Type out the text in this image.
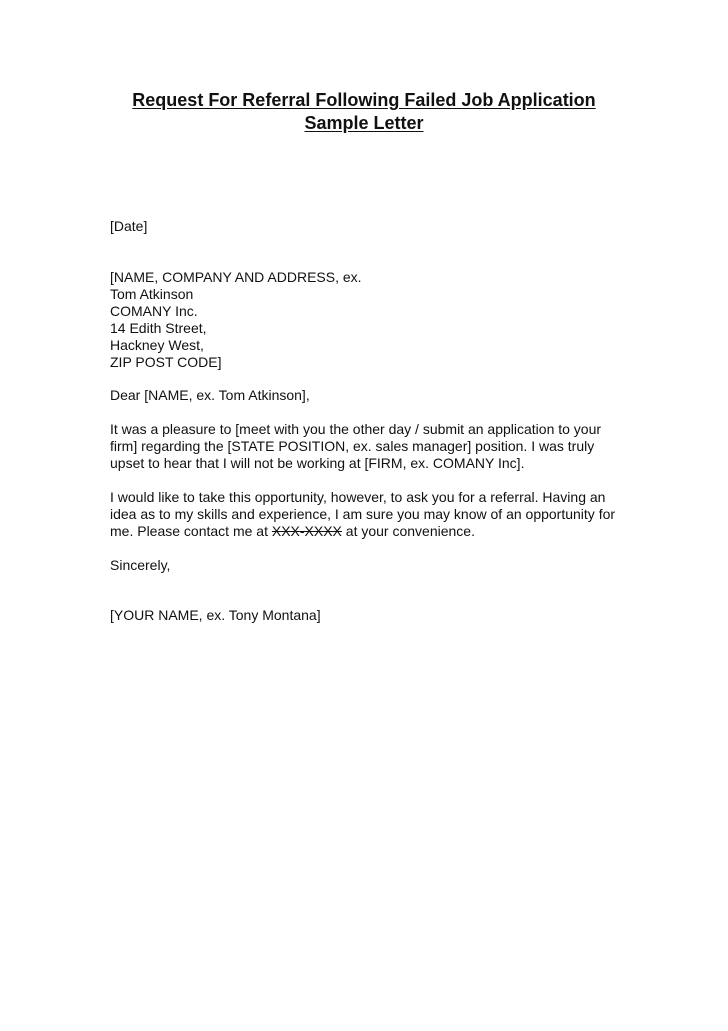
Request For Referral Following Failed Job Application
Sample Letter
[Date]
[NAME, COMPANY AND ADDRESS, ex.
Tom Atkinson
COMANY Inc.
14 Edith Street,
Hackney West,
ZIP POST CODE]
Dear [NAME, ex. Tom Atkinson],
It was a pleasure to [meet with you the other day / submit an application to your firm] regarding the [STATE POSITION, ex. sales manager] position. I was truly upset to hear that I will not be working at [FIRM, ex. COMANY Inc].
I would like to take this opportunity, however, to ask you for a referral. Having an idea as to my skills and experience, I am sure you may know of an opportunity for me. Please contact me at XXX-XXXX at your convenience.
Sincerely,
[YOUR NAME, ex. Tony Montana]
